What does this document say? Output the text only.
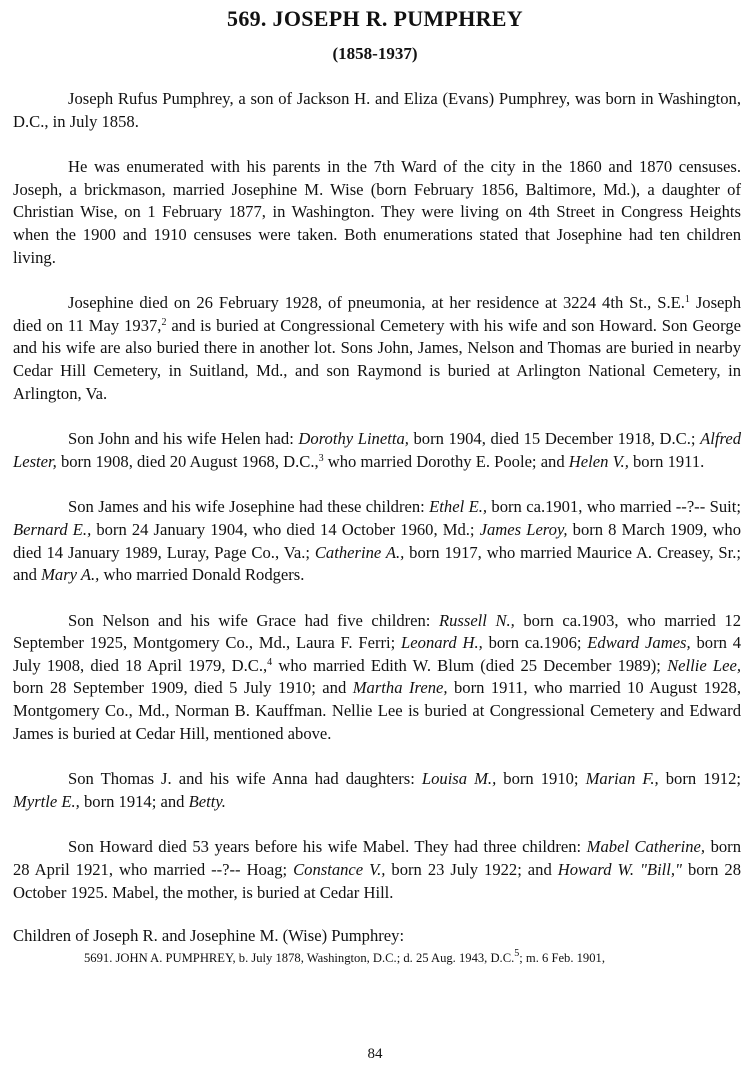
569. JOSEPH R. PUMPHREY
(1858-1937)

Joseph Rufus Pumphrey, a son of Jackson H. and Eliza (Evans) Pumphrey, was born in Washington, D.C., in July 1858.

He was enumerated with his parents in the 7th Ward of the city in the 1860 and 1870 censuses. Joseph, a brickmason, married Josephine M. Wise (born February 1856, Baltimore, Md.), a daughter of Christian Wise, on 1 February 1877, in Washington. They were living on 4th Street in Congress Heights when the 1900 and 1910 censuses were taken. Both enumerations stated that Josephine had ten children living.

Josephine died on 26 February 1928, of pneumonia, at her residence at 3224 4th St., S.E.$^1$ Joseph died on 11 May 1937,$^2$ and is buried at Congressional Cemetery with his wife and son Howard. Son George and his wife are also buried there in another lot. Sons John, James, Nelson and Thomas are buried in nearby Cedar Hill Cemetery, in Suitland, Md., and son Raymond is buried at Arlington National Cemetery, in Arlington, Va.

Son John and his wife Helen had: Dorothy Linetta, born 1904, died 15 December 1918, D.C.; Alfred Lester, born 1908, died 20 August 1968, D.C.,$^3$ who married Dorothy E. Poole; and Helen V., born 1911.

Son James and his wife Josephine had these children: Ethel E., born ca.1901, who married --?-- Suit; Bernard E., born 24 January 1904, who died 14 October 1960, Md.; James Leroy, born 8 March 1909, who died 14 January 1989, Luray, Page Co., Va.; Catherine A., born 1917, who married Maurice A. Creasey, Sr.; and Mary A., who married Donald Rodgers.

Son Nelson and his wife Grace had five children: Russell N., born ca.1903, who married 12 September 1925, Montgomery Co., Md., Laura F. Ferri; Leonard H., born ca.1906; Edward James, born 4 July 1908, died 18 April 1979, D.C.,$^4$ who married Edith W. Blum (died 25 December 1989); Nellie Lee, born 28 September 1909, died 5 July 1910; and Martha Irene, born 1911, who married 10 August 1928, Montgomery Co., Md., Norman B. Kauffman. Nellie Lee is buried at Congressional Cemetery and Edward James is buried at Cedar Hill, mentioned above.

Son Thomas J. and his wife Anna had daughters: Louisa M., born 1910; Marian F., born 1912; Myrtle E., born 1914; and Betty.

Son Howard died 53 years before his wife Mabel. They had three children: Mabel Catherine, born 28 April 1921, who married --?-- Hoag; Constance V., born 23 July 1922; and Howard W. "Bill," born 28 October 1925. Mabel, the mother, is buried at Cedar Hill.

Children of Joseph R. and Josephine M. (Wise) Pumphrey:

5691. JOHN A. PUMPHREY, b. July 1878, Washington, D.C.; d. 25 Aug. 1943, D.C.$^5$; m. 6 Feb. 1901,

84
